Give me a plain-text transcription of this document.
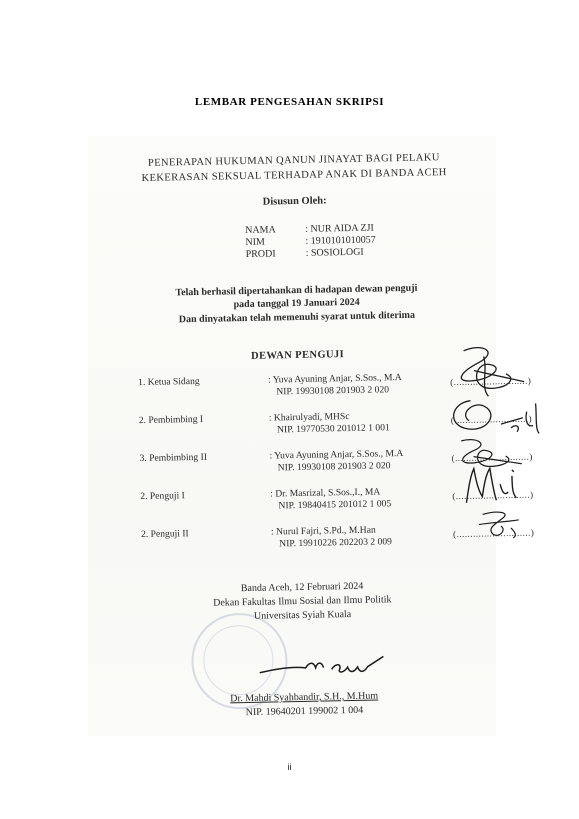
LEMBAR PENGESAHAN SKRIPSI
PENERAPAN HUKUMAN QANUN JINAYAT BAGI PELAKU
KEKERASAN SEKSUAL TERHADAP ANAK DI BANDA ACEH
Disusun Oleh:
NAMA	: NUR AIDA ZJI
NIM	: 1910101010057
PRODI	: SOSIOLOGI
Telah berhasil dipertahankan di hadapan dewan penguji
pada tanggal 19 Januari 2024
Dan dinyatakan telah memenuhi syarat untuk diterima
DEWAN PENGUJI
1. Ketua Sidang	: Yuva Ayuning Anjar, S.Sos., M.A
NIP. 19930108 201903 2 020
(...........................)
2. Pembimbing I	: Khairulyadi, MHSc
NIP. 19770530 201012 1 001
(...........................)
3. Pembimbing II	: Yuva Ayuning Anjar, S.Sos., M.A
NIP. 19930108 201903 2 020
(...........................)
2. Penguji I	: Dr. Masrizal, S.Sos.,I., MA
NIP. 19840415 201012 1 005
(...........................)
2. Penguji II	: Nurul Fajri, S.Pd., M.Han
NIP. 19910226 202203 2 009
(...........................)
Banda Aceh, 12 Februari 2024
Dekan Fakultas Ilmu Sosial dan Ilmu Politik
Universitas Syiah Kuala
Dr. Mahdi Syahbandir, S.H., M.Hum
NIP. 19640201 199002 1 004
ii
